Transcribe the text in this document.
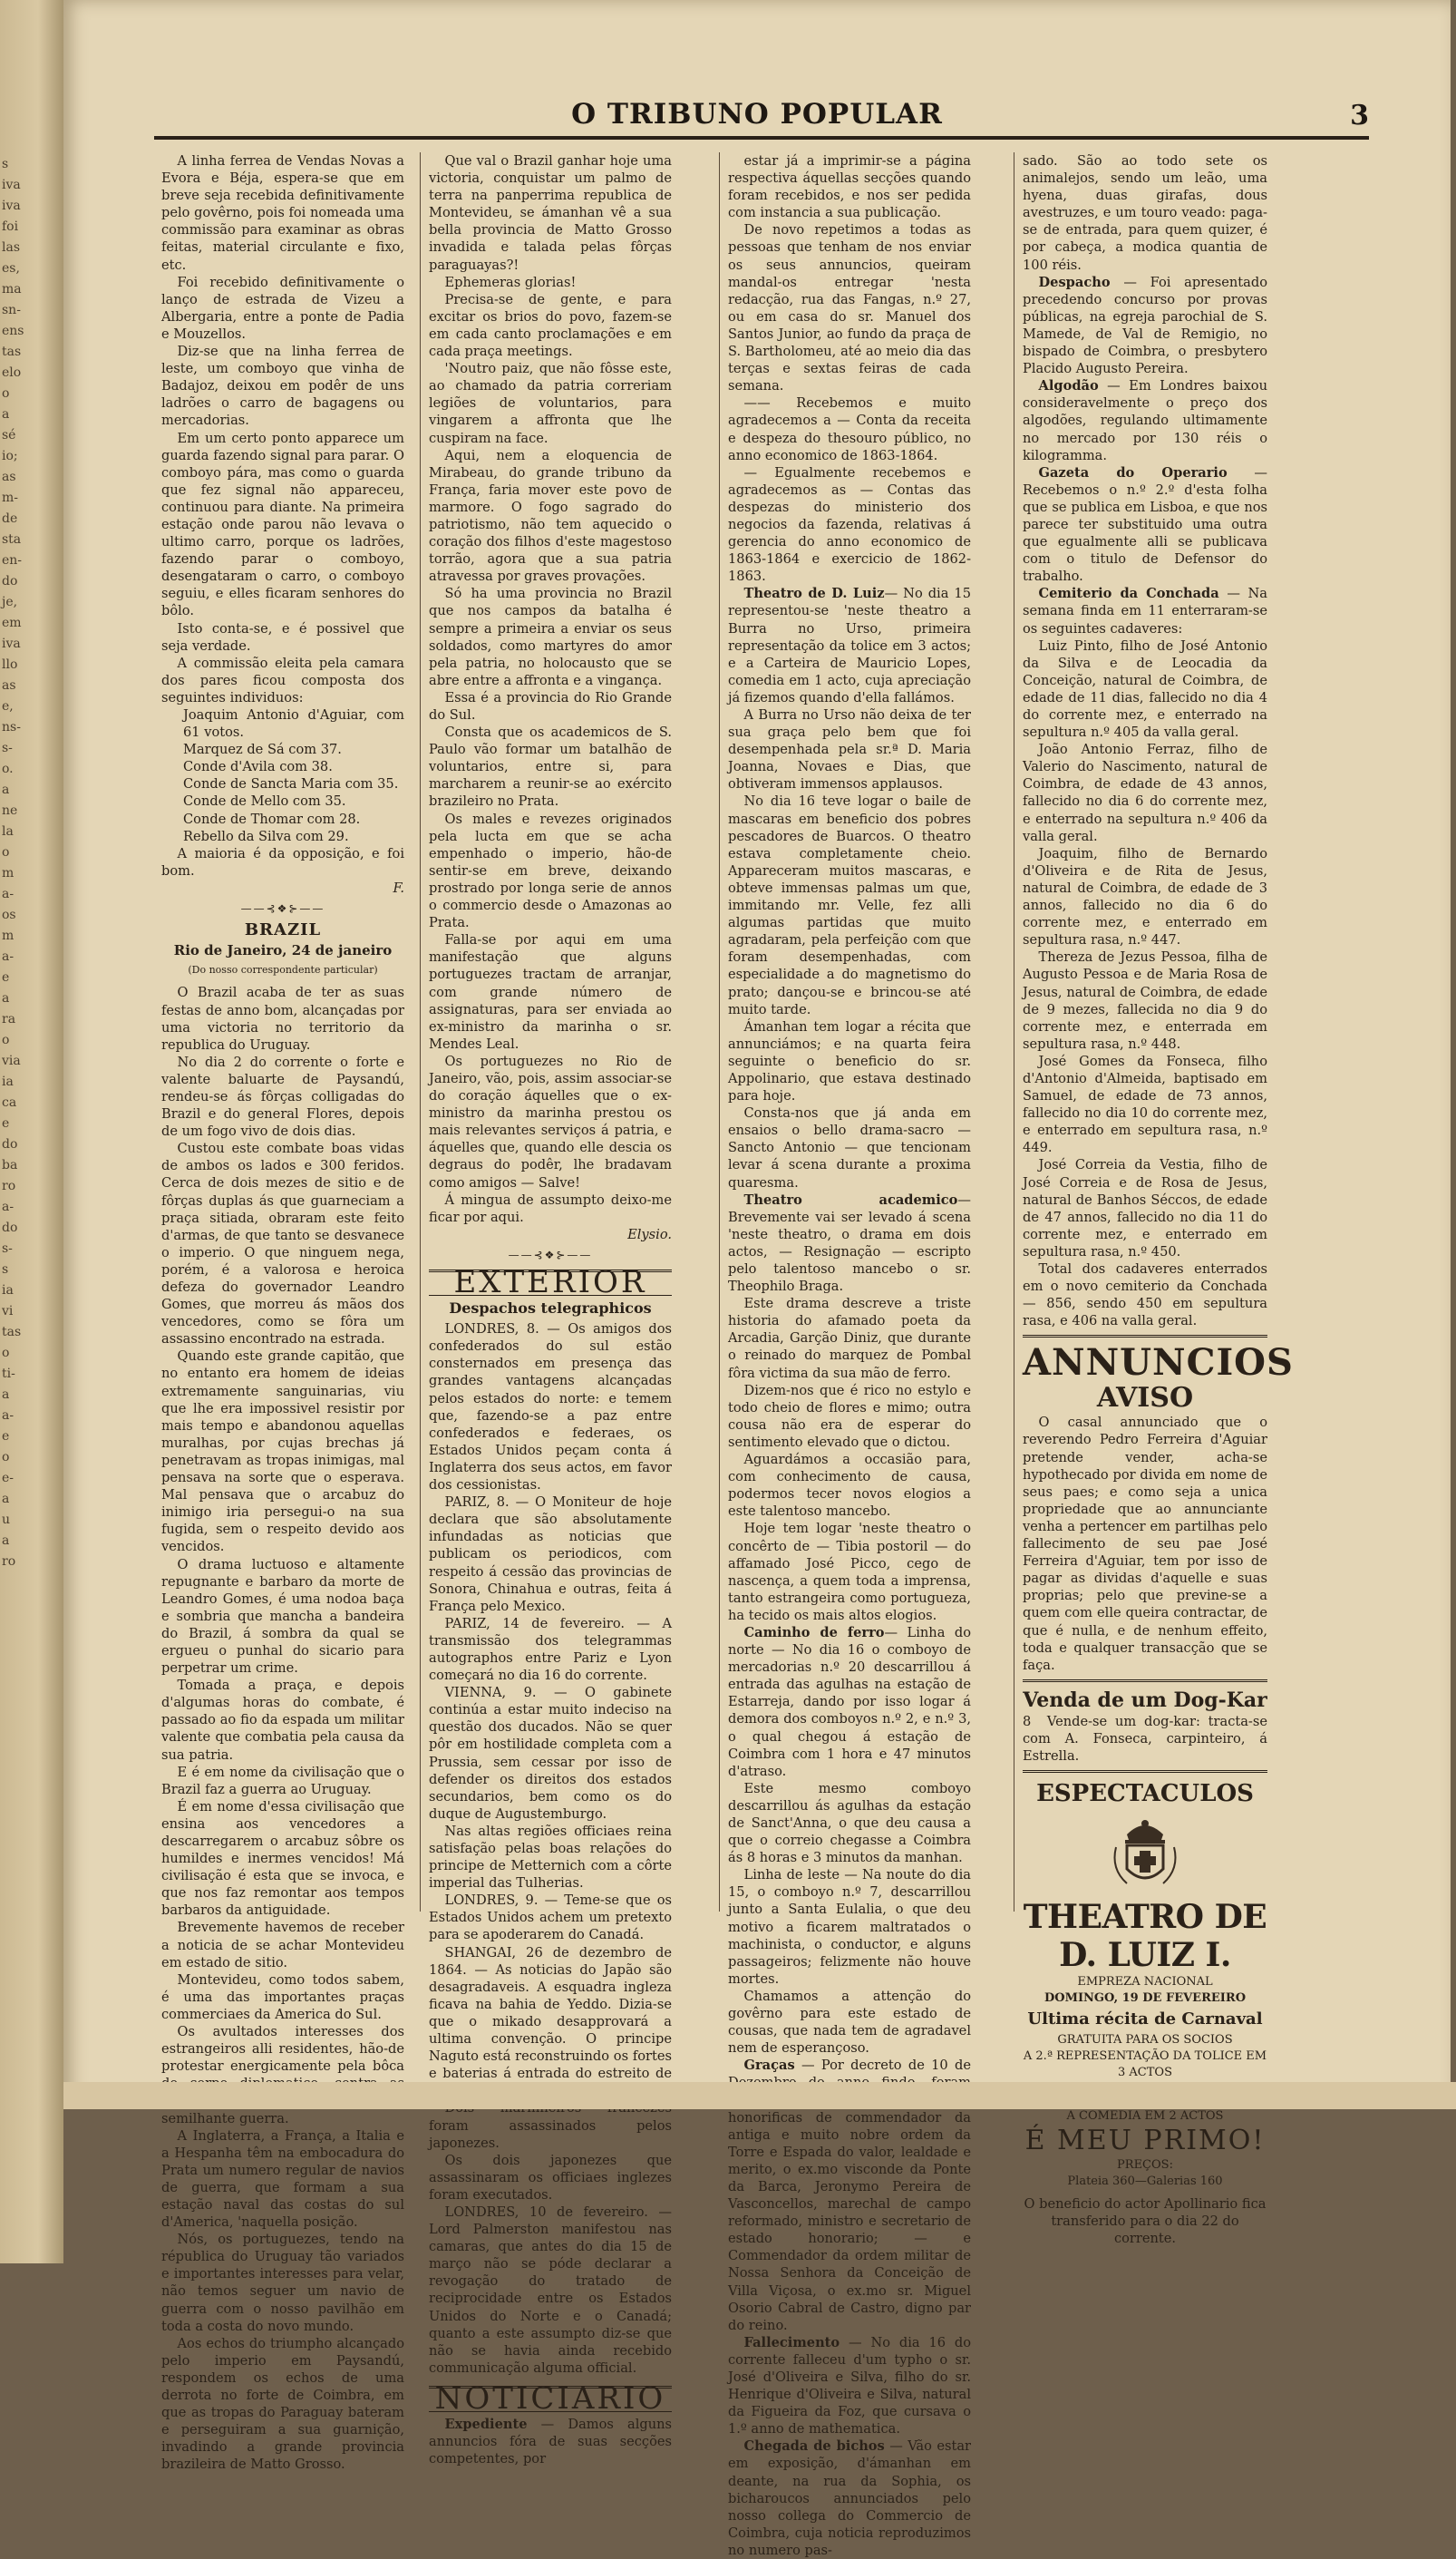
s
iva
iva
foi
las
es,
ma
sn-
ens
tas
elo
o
a
sé
io;
as
m-
de
sta
en-
do
je,
em
iva
llo
as
e,
ns-
s-
o.
a
ne
la
o
m
a-
os
m
a-
e
a
ra
o
via
ia
ca
e
do
ba
ro
a-
do
s-
s
ia
vi
tas
o
ti-
a
a-
e
o
e-
a
u
a
ro
O TRIBUNO POPULAR	3

A linha ferrea de Vendas Novas a Evora e Béja, espera-se que em breve seja recebida definitivamente pelo govêrno, pois foi nomeada uma commissão para examinar as obras feitas, material circulante e fixo, etc.

Foi recebido definitivamente o lanço de estrada de Vizeu a Albergaria, entre a ponte de Padia e Mouzellos.

Diz-se que na linha ferrea de leste, um comboyo que vinha de Badajoz, deixou em podêr de uns ladrões o carro de bagagens ou mercadorias.

Em um certo ponto apparece um guarda fazendo signal para parar. O comboyo pára, mas como o guarda que fez signal não appareceu, continuou para diante. Na primeira estação onde parou não levava o ultimo carro, porque os ladrões, fazendo parar o comboyo, desengataram o carro, o comboyo seguiu, e elles ficaram senhores do bôlo.

Isto conta-se, e é possivel que seja verdade.

A commissão eleita pela camara dos pares ficou composta dos seguintes individuos:

Joaquim Antonio d'Aguiar, com 61 votos.

Marquez de Sá com 37.

Conde d'Avila com 38.

Conde de Sancta Maria com 35.

Conde de Mello com 35.

Conde de Thomar com 28.

Rebello da Silva com 29.

A maioria é da opposição, e foi bom.

F.

——⊰❖⊱——
BRAZIL
Rio de Janeiro, 24 de janeiro
(Do nosso correspondente particular)

O Brazil acaba de ter as suas festas de anno bom, alcançadas por uma victoria no territorio da republica do Uruguay.

No dia 2 do corrente o forte e valente baluarte de Paysandú, rendeu-se ás fôrças colligadas do Brazil e do general Flores, depois de um fogo vivo de dois dias.

Custou este combate boas vidas de ambos os lados e 300 feridos. Cerca de dois mezes de sitio e de fôrças duplas ás que guarneciam a praça sitiada, obraram este feito d'armas, de que tanto se desvanece o imperio. O que ninguem nega, porém, é a valorosa e heroica defeza do governador Leandro Gomes, que morreu ás mãos dos vencedores, como se fôra um assassino encontrado na estrada.

Quando este grande capitão, que no entanto era homem de ideias extremamente sanguinarias, viu que lhe era impossivel resistir por mais tempo e abandonou aquellas muralhas, por cujas brechas já penetravam as tropas inimigas, mal pensava na sorte que o esperava. Mal pensava que o arcabuz do inimigo iria persegui-o na sua fugida, sem o respeito devido aos vencidos.

O drama luctuoso e altamente repugnante e barbaro da morte de Leandro Gomes, é uma nodoa baça e sombria que mancha a bandeira do Brazil, á sombra da qual se ergueu o punhal do sicario para perpetrar um crime.

Tomada a praça, e depois d'algumas horas do combate, é passado ao fio da espada um militar valente que combatia pela causa da sua patria.

E é em nome da civilisação que o Brazil faz a guerra ao Uruguay.

É em nome d'essa civilisação que ensina aos vencedores a descarregarem o arcabuz sôbre os humildes e inermes vencidos! Má civilisação é esta que se invoca, e que nos faz remontar aos tempos barbaros da antiguidade.

Brevemente havemos de receber a noticia de se achar Montevideu em estado de sitio.

Montevideu, como todos sabem, é uma das importantes praças commerciaes da America do Sul.

Os avultados interesses dos estrangeiros alli residentes, hão-de protestar energicamente pela bôca semilhante guerra.

A Inglaterra, a França, a Italia e a Hespanha têm na embocadura do Prata um numero regular de navios de guerra, que formam a sua estação naval das costas do sul d'America, 'naquella posição.

Nós, os portuguezes, tendo na républica do Uruguay tão variados e importantes interesses para velar, não temos seguer um navio de guerra com o nosso pavilhão em toda a costa do novo mundo.

Aos echos do triumpho alcançado pelo imperio em Paysandú, respondem os echos de uma derrota no forte de Coimbra, em que as tropas do Paraguay bateram e perseguiram a sua guarnição, invadindo a grande provincia brazileira de Matto Grosso.

Que val o Brazil ganhar hoje uma victoria, conquistar um palmo de terra na panperrima republica de Montevideu, se ámanhan vê a sua bella provincia de Matto Grosso invadida e talada pelas fôrças paraguayas?!

Ephemeras glorias!

Precisa-se de gente, e para excitar os brios do povo, fazem-se em cada canto proclamações e em cada praça meetings.

'Noutro paiz, que não fôsse este, ao chamado da patria correriam legiões de voluntarios, para vingarem a affronta que lhe cuspiram na face.

Aqui, nem a eloquencia de Mirabeau, do grande tribuno da França, faria mover este povo de marmore. O fogo sagrado do patriotismo, não tem aquecido o coração dos filhos d'este magestoso torrão, agora que a sua patria atravessa por graves provações.

Só ha uma provincia no Brazil que nos campos da batalha é sempre a primeira a enviar os seus soldados, como martyres do amor pela patria, no holocausto que se abre entre a affronta e a vingança.

Essa é a provincia do Rio Grande do Sul.

Consta que os academicos de S. Paulo vão formar um batalhão de voluntarios, entre si, para marcharem a reunir-se ao exército brazileiro no Prata.

Os males e revezes originados pela lucta em que se acha empenhado o imperio, hão-de sentir-se em breve, deixando prostrado por longa serie de annos o commercio desde o Amazonas ao Prata.

Falla-se por aqui em uma manifestação que alguns portuguezes tractam de arranjar, com grande número de assignaturas, para ser enviada ao ex-ministro da marinha o sr. Mendes Leal.

Os portuguezes no Rio de Janeiro, vão, pois, assim associar-se do coração áquelles que o ex-ministro da marinha prestou os mais relevantes serviços á patria, e áquelles que, quando elle descia os degraus do podêr, lhe bradavam como amigos — Salve!

Á mingua de assumpto deixo-me ficar por aqui.

Elysio.

——⊰❖⊱——
EXTERIOR
Despachos telegraphicos

LONDRES, 8. — Os amigos dos confederados do sul estão consternados em presença das grandes vantagens alcançadas pelos estados do norte: e temem que, fazendo-se a paz entre confederados e federaes, os Estados Unidos peçam conta á Inglaterra dos seus actos, em favor dos cessionistas.

PARIZ, 8. — O Moniteur de hoje declara que são absolutamente infundadas as noticias que publicam os periodicos, com respeito á cessão das provincias de Sonora, Chinahua e outras, feita á França pelo Mexico.

PARIZ, 14 de fevereiro. — A transmissão dos telegrammas autographos entre Pariz e Lyon começará no dia 16 do corrente.

VIENNA, 9. — O gabinete continúa a estar muito indeciso na questão dos ducados. Não se quer pôr em hostilidade completa com a Prussia, sem cessar por isso de defender os direitos dos estados secundarios, bem como os do duque de Augustemburgo.

Nas altas regiões officiaes reina satisfação pelas boas relações do principe de Metternich com a côrte imperial das Tulherias.

LONDRES, 9. — Teme-se que os Estados Unidos achem um pretexto para se apoderarem do Canadá.

SHANGAI, 26 de dezembro de 1864. — As noticias do Japão são desagradaveis. A esquadra ingleza ficava na bahia de Yeddo. Dizia-se que o mikado desapprovará a ultima convenção. O principe Naguto está reconstruindo os fortes e baterias á entrada do estreito de

foram assassinados pelos japonezes.

Os dois japonezes que assassinaram os officiaes inglezes foram executados.

LONDRES, 10 de fevereiro. — Lord Palmerston manifestou nas camaras, que antes do dia 15 de março não se póde declarar a revogação do tratado de reciprocidade entre os Estados Unidos do Norte e o Canadá; quanto a este assumpto diz-se que não se havia ainda recebido communicação alguma official.

NOTICIARIO

Expediente — Damos alguns annuncios fóra de suas secções competentes, por

estar já a imprimir-se a página respectiva áquellas secções quando foram recebidos, e nos ser pedida com instancia a sua publicação.

De novo repetimos a todas as pessoas que tenham de nos enviar os seus annuncios, queiram mandal-os entregar 'nesta redacção, rua das Fangas, n.º 27, ou em casa do sr. Manuel dos Santos Junior, ao fundo da praça de S. Bartholomeu, até ao meio dia das terças e sextas feiras de cada semana.

—— Recebemos e muito agradecemos a — Conta da receita e despeza do thesouro público, no anno economico de 1863-1864.

— Egualmente recebemos e agradecemos as — Contas das despezas do ministerio dos negocios da fazenda, relativas á gerencia do anno economico de 1863-1864 e exercicio de 1862-1863.

Theatro de D. Luiz— No dia 15 representou-se 'neste theatro a Burra no Urso, primeira representação da tolice em 3 actos; e a Carteira de Mauricio Lopes, comedia em 1 acto, cuja apreciação já fizemos quando d'ella fallámos.

A Burra no Urso não deixa de ter sua graça pelo bem que foi desempenhada pela sr.ª D. Maria Joanna, Novaes e Dias, que obtiveram immensos applausos.

No dia 16 teve logar o baile de mascaras em beneficio dos pobres pescadores de Buarcos. O theatro estava completamente cheio. Appareceram muitos mascaras, e obteve immensas palmas um que, immitando mr. Velle, fez alli algumas partidas que muito agradaram, pela perfeição com que foram desempenhadas, com especialidade a do magnetismo do prato; dançou-se e brincou-se até muito tarde.

Ámanhan tem logar a récita que annunciámos; e na quarta feira seguinte o beneficio do sr. Appolinario, que estava destinado para hoje.

Consta-nos que já anda em ensaios o bello drama-sacro — Sancto Antonio — que tencionam levar á scena durante a proxima quaresma.

Theatro academico— Brevemente vai ser levado á scena 'neste theatro, o drama em dois actos, — Resignação — escripto pelo talentoso mancebo o sr. Theophilo Braga.

Este drama descreve a triste historia do afamado poeta da Arcadia, Garção Diniz, que durante o reinado do marquez de Pombal fôra victima da sua mão de ferro.

Dizem-nos que é rico no estylo e todo cheio de flores e mimo; outra cousa não era de esperar do sentimento elevado que o dictou.

Aguardámos a occasião para, com conhecimento de causa, podermos tecer novos elogios a este talentoso mancebo.

Hoje tem logar 'neste theatro o concêrto de — Tibia postoril — do affamado José Picco, cego de nascença, a quem toda a imprensa, tanto estrangeira como portugueza, ha tecido os mais altos elogios.

Caminho de ferro— Linha do norte — No dia 16 o comboyo de mercadorias n.º 20 descarrillou á entrada das agulhas na estação de Estarreja, dando por isso logar á demora dos comboyos n.º 2, e n.º 3, o qual chegou á estação de Coimbra com 1 hora e 47 minutos d'atraso.

Este mesmo comboyo descarrillou ás agulhas da estação de Sanct'Anna, o que deu causa a que o correio chegasse a Coimbra ás 8 horas e 3 minutos da manhan.

Linha de leste — Na noute do dia 15, o comboyo n.º 7, descarrillou junto a Santa Eulalia, o que deu motivo a ficarem maltratados o machinista, o conductor, e alguns passageiros; felizmente não houve mortes.

Chamamos a attenção do govêrno para este estado de cousas, que nada tem de agradavel nem de esperançoso.

Graças — Por decreto de 10 de honorificas de commendador da antiga e muito nobre ordem da Torre e Espada do valor, lealdade e merito, o ex.mo visconde da Ponte da Barca, Jeronymo Pereira de Vasconcellos, marechal de campo reformado, ministro e secretario de estado honorario; — e Commendador da ordem militar de Nossa Senhora da Conceição de Villa Viçosa, o ex.mo sr. Miguel Osorio Cabral de Castro, digno par do reino.

Fallecimento — No dia 16 do corrente falleceu d'um typho o sr. José d'Oliveira e Silva, filho do sr. Henrique d'Oliveira e Silva, natural da Figueira da Foz, que cursava o 1.º anno de mathematica.

Chegada de bichos — Vão estar em exposição, d'ámanhan em deante, na rua da Sophia, os bicharoucos annunciados pelo nosso collega do Commercio de Coimbra, cuja noticia reproduzimos no numero pas-

sado. São ao todo sete os animalejos, sendo um leão, uma hyena, duas girafas, dous avestruzes, e um touro veado: paga-se de entrada, para quem quizer, é por cabeça, a modica quantia de 100 réis.

Despacho — Foi apresentado precedendo concurso por provas públicas, na egreja parochial de S. Mamede, de Val de Remigio, no bispado de Coimbra, o presbytero Placido Augusto Pereira.

Algodão — Em Londres baixou consideravelmente o preço dos algodões, regulando ultimamente no mercado por 130 réis o kilogramma.

Gazeta do Operario — Recebemos o n.º 2.º d'esta folha que se publica em Lisboa, e que nos parece ter substituido uma outra que egualmente alli se publicava com o titulo de Defensor do trabalho.

Cemiterio da Conchada — Na semana finda em 11 enterraram-se os seguintes cadaveres:

Luiz Pinto, filho de José Antonio da Silva e de Leocadia da Conceição, natural de Coimbra, de edade de 11 dias, fallecido no dia 4 do corrente mez, e enterrado na sepultura n.º 405 da valla geral.

João Antonio Ferraz, filho de Valerio do Nascimento, natural de Coimbra, de edade de 43 annos, fallecido no dia 6 do corrente mez, e enterrado na sepultura n.º 406 da valla geral.

Joaquim, filho de Bernardo d'Oliveira e de Rita de Jesus, natural de Coimbra, de edade de 3 annos, fallecido no dia 6 do corrente mez, e enterrado em sepultura rasa, n.º 447.

Thereza de Jezus Pessoa, filha de Augusto Pessoa e de Maria Rosa de Jesus, natural de Coimbra, de edade de 9 mezes, fallecida no dia 9 do corrente mez, e enterrada em sepultura rasa, n.º 448.

José Gomes da Fonseca, filho d'Antonio d'Almeida, baptisado em Samuel, de edade de 73 annos, fallecido no dia 10 do corrente mez, e enterrado em sepultura rasa, n.º 449.

José Correia da Vestia, filho de José Correia e de Rosa de Jesus, natural de Banhos Séccos, de edade de 47 annos, fallecido no dia 11 do corrente mez, e enterrado em sepultura rasa, n.º 450.

Total dos cadaveres enterrados em o novo cemiterio da Conchada — 856, sendo 450 em sepultura rasa, e 406 na valla geral.

ANNUNCIOS
AVISO

O casal annunciado que o reverendo Pedro Ferreira d'Aguiar pretende vender, acha-se hypothecado por divida em nome de seus paes; e como seja a unica propriedade que ao annunciante venha a pertencer em partilhas pelo fallecimento de seu pae José Ferreira d'Aguiar, tem por isso de pagar as dividas d'aquelle e suas proprias; pelo que previne-se a quem com elle queira contractar, de que é nulla, e de nenhum effeito, toda e qualquer transacção que se faça.

Venda de um Dog-Kar

8 Vende-se um dog-kar: tracta-se com A. Fonseca, carpinteiro, á Estrella.

ESPECTACULOS
THEATRO DE D. LUIZ I.
EMPREZA NACIONAL
DOMINGO, 19 DE FEVEREIRO
Ultima récita de Carnaval
GRATUITA PARA OS SOCIOS
A 2.ª REPRESENTAÇÃO DA TOLICE EM 3 ACTOS
A COMEDIA EM 2 ACTOS
É MEU PRIMO!
PREÇOS:
Plateia 360—Galerias 160

O beneficio do actor Apollinario fica transferido para o dia 22 do corrente.
